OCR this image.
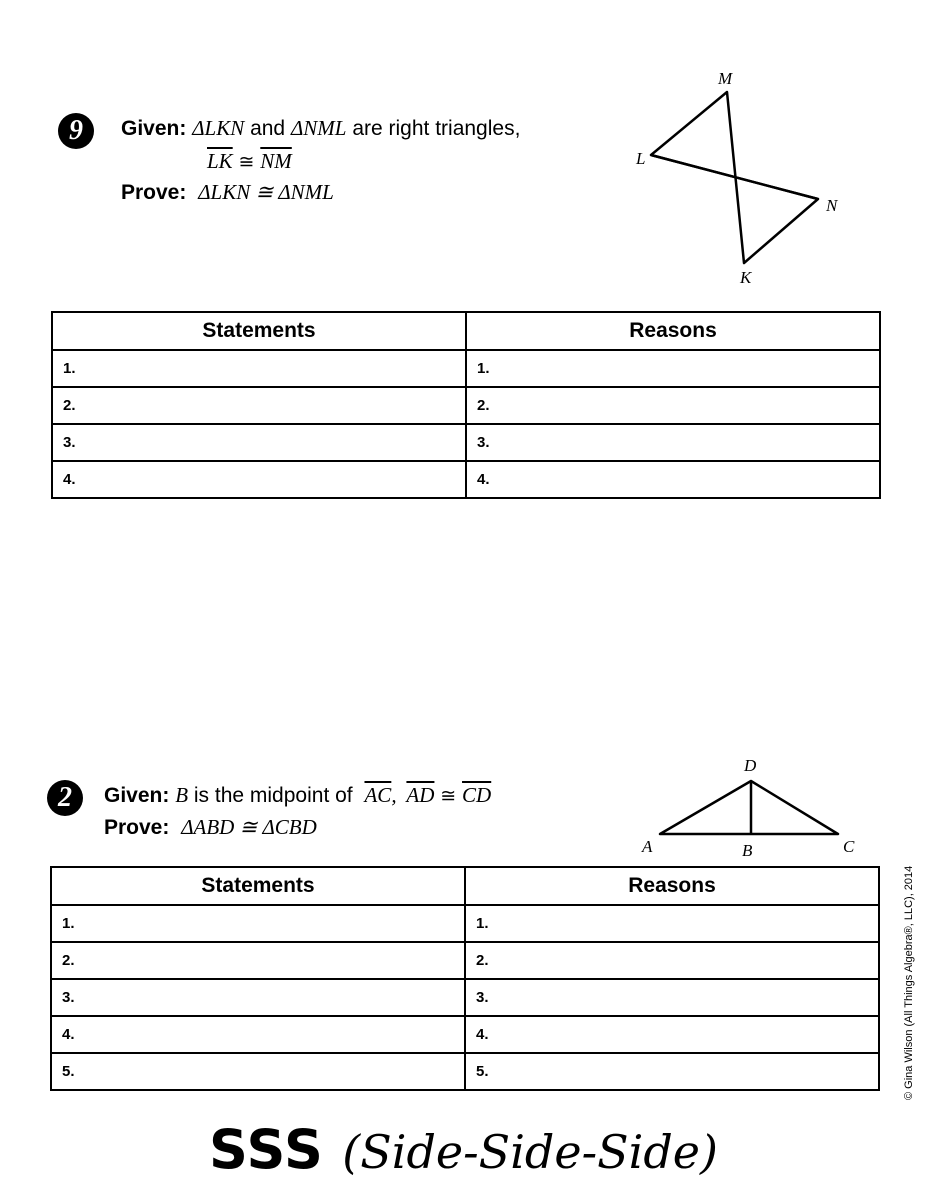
9 Given: ΔLKN and ΔNML are right triangles,
$\overline{LK}$ ≅ $\overline{NM}$
Prove: ΔLKN ≅ ΔNML
M
L
N
K
Statements	Reasons
1.	1.
2.	2.
3.	3.
4.	4.
2 Given: B is the midpoint of $\overline{AC}$, $\overline{AD}$ ≅ $\overline{CD}$
Prove: ΔABD ≅ ΔCBD
D
A	B	C
Statements	Reasons
1.	1.
2.	2.
3.	3.
4.	4.
5.	5.
SSS (Side-Side-Side)
© Gina Wilson (All Things Algebra®, LLC), 2014
